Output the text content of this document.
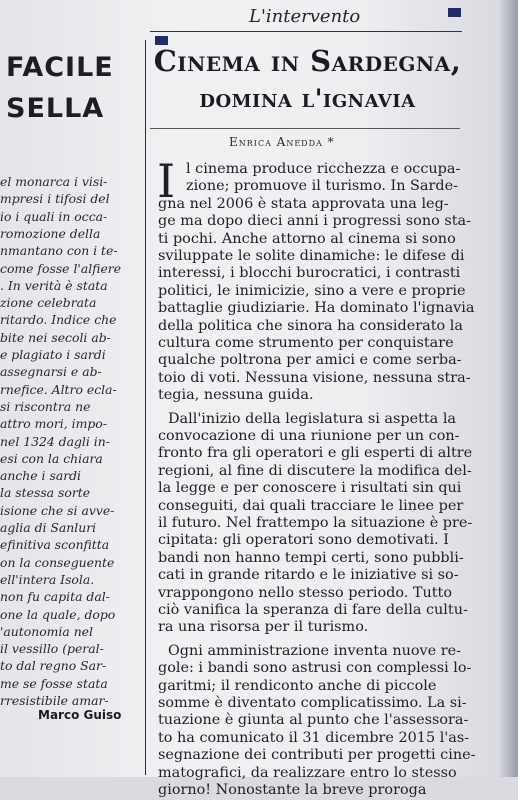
FACILE
SELLA
el monarca i visi-
mpresi i tifosi del
io i quali in occa-
romozione della
nmantano con i te-
come fosse l'alfiere
. In verità è stata
zione celebrata
ritardo. Indice che
bite nei secoli ab-
e plagiato i sardi
assegnarsi e ab-
rnefice. Altro ecla-
si riscontra ne
attro mori, impo-
nel 1324 dagli in-
esi con la chiara
anche i sardi
la stessa sorte
isione che si avve-
aglia di Sanluri
efinitiva sconfitta
on la conseguente
ell'intera Isola.
non fu capita dal-
one la quale, dopo
'autonomia nel
il vessillo (peral-
to dal regno Sar-
me se fosse stata
rresistibile amar-
Marco Guiso
L'intervento
Cinema in Sardegna,
domina l'ignavia
Enrica Anedda *
I l cinema produce ricchezza e occupa-
zione; promuove il turismo. In Sarde-
gna nel 2006 è stata approvata una leg-
ge ma dopo dieci anni i progressi sono sta-
ti pochi. Anche attorno al cinema si sono
sviluppate le solite dinamiche: le difese di
interessi, i blocchi burocratici, i contrasti
politici, le inimicizie, sino a vere e proprie
battaglie giudiziarie. Ha dominato l'ignavia
della politica che sinora ha considerato la
cultura come strumento per conquistare
qualche poltrona per amici e come serba-
toio di voti. Nessuna visione, nessuna stra-
tegia, nessuna guida.
Dall'inizio della legislatura si aspetta la
convocazione di una riunione per un con-
fronto fra gli operatori e gli esperti di altre
regioni, al fine di discutere la modifica del-
la legge e per conoscere i risultati sin qui
conseguiti, dai quali tracciare le linee per
il futuro. Nel frattempo la situazione è pre-
cipitata: gli operatori sono demotivati. I
bandi non hanno tempi certi, sono pubbli-
cati in grande ritardo e le iniziative si so-
vrappongono nello stesso periodo. Tutto
ciò vanifica la speranza di fare della cultu-
ra una risorsa per il turismo.
Ogni amministrazione inventa nuove re-
gole: i bandi sono astrusi con complessi lo-
garitmi; il rendiconto anche di piccole
somme è diventato complicatissimo. La si-
tuazione è giunta al punto che l'assessora-
to ha comunicato il 31 dicembre 2015 l'as-
segnazione dei contributi per progetti cine-
matografici, da realizzare entro lo stesso
giorno! Nonostante la breve proroga
